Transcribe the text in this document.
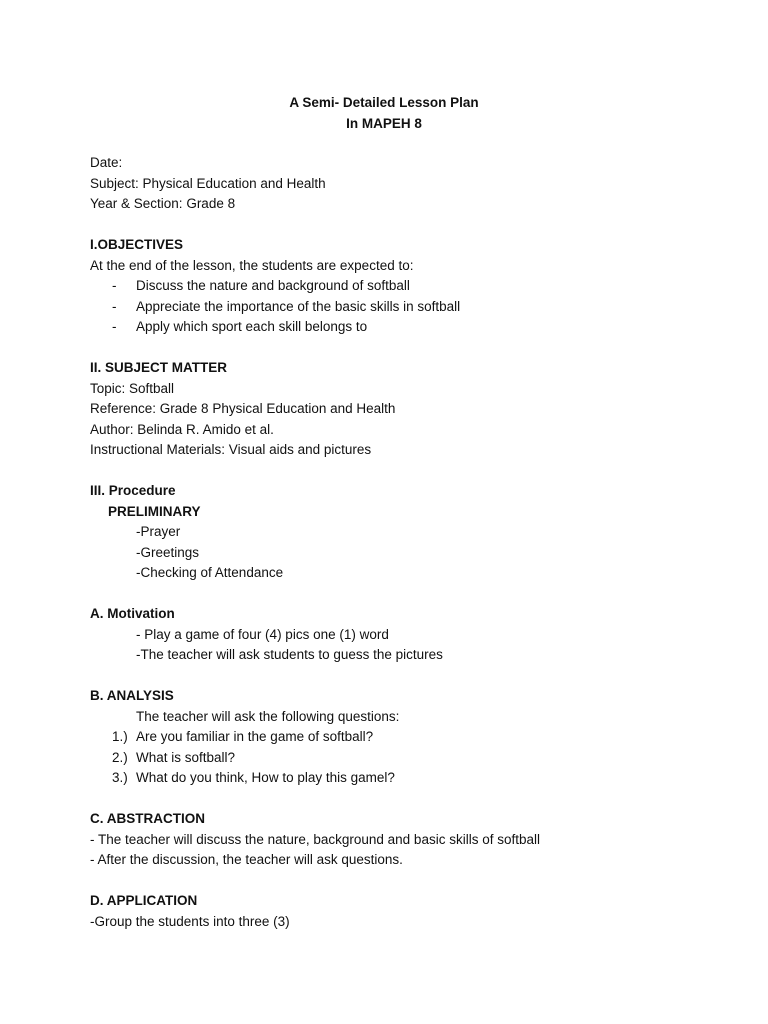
A Semi- Detailed Lesson Plan
In MAPEH 8
Date:
Subject: Physical Education and Health
Year & Section: Grade 8
I.OBJECTIVES
At the end of the lesson, the students are expected to:
-	Discuss the nature and background of softball
-	Appreciate the importance of the basic skills in softball
-	Apply which sport each skill belongs to
II. SUBJECT MATTER
Topic: Softball
Reference: Grade 8 Physical Education and Health
Author: Belinda R. Amido et al.
Instructional Materials: Visual aids and pictures
III. Procedure
PRELIMINARY
-Prayer
-Greetings
-Checking of Attendance
A. Motivation
- Play a game of four (4) pics one (1) word
-The teacher will ask students to guess the pictures
B. ANALYSIS
The teacher will ask the following questions:
1.) Are you familiar in the game of softball?
2.) What is softball?
3.) What do you think, How to play this gamel?
C. ABSTRACTION
- The teacher will discuss the nature, background and basic skills of softball
- After the discussion, the teacher will ask questions.
D. APPLICATION
-Group the students into three (3)
